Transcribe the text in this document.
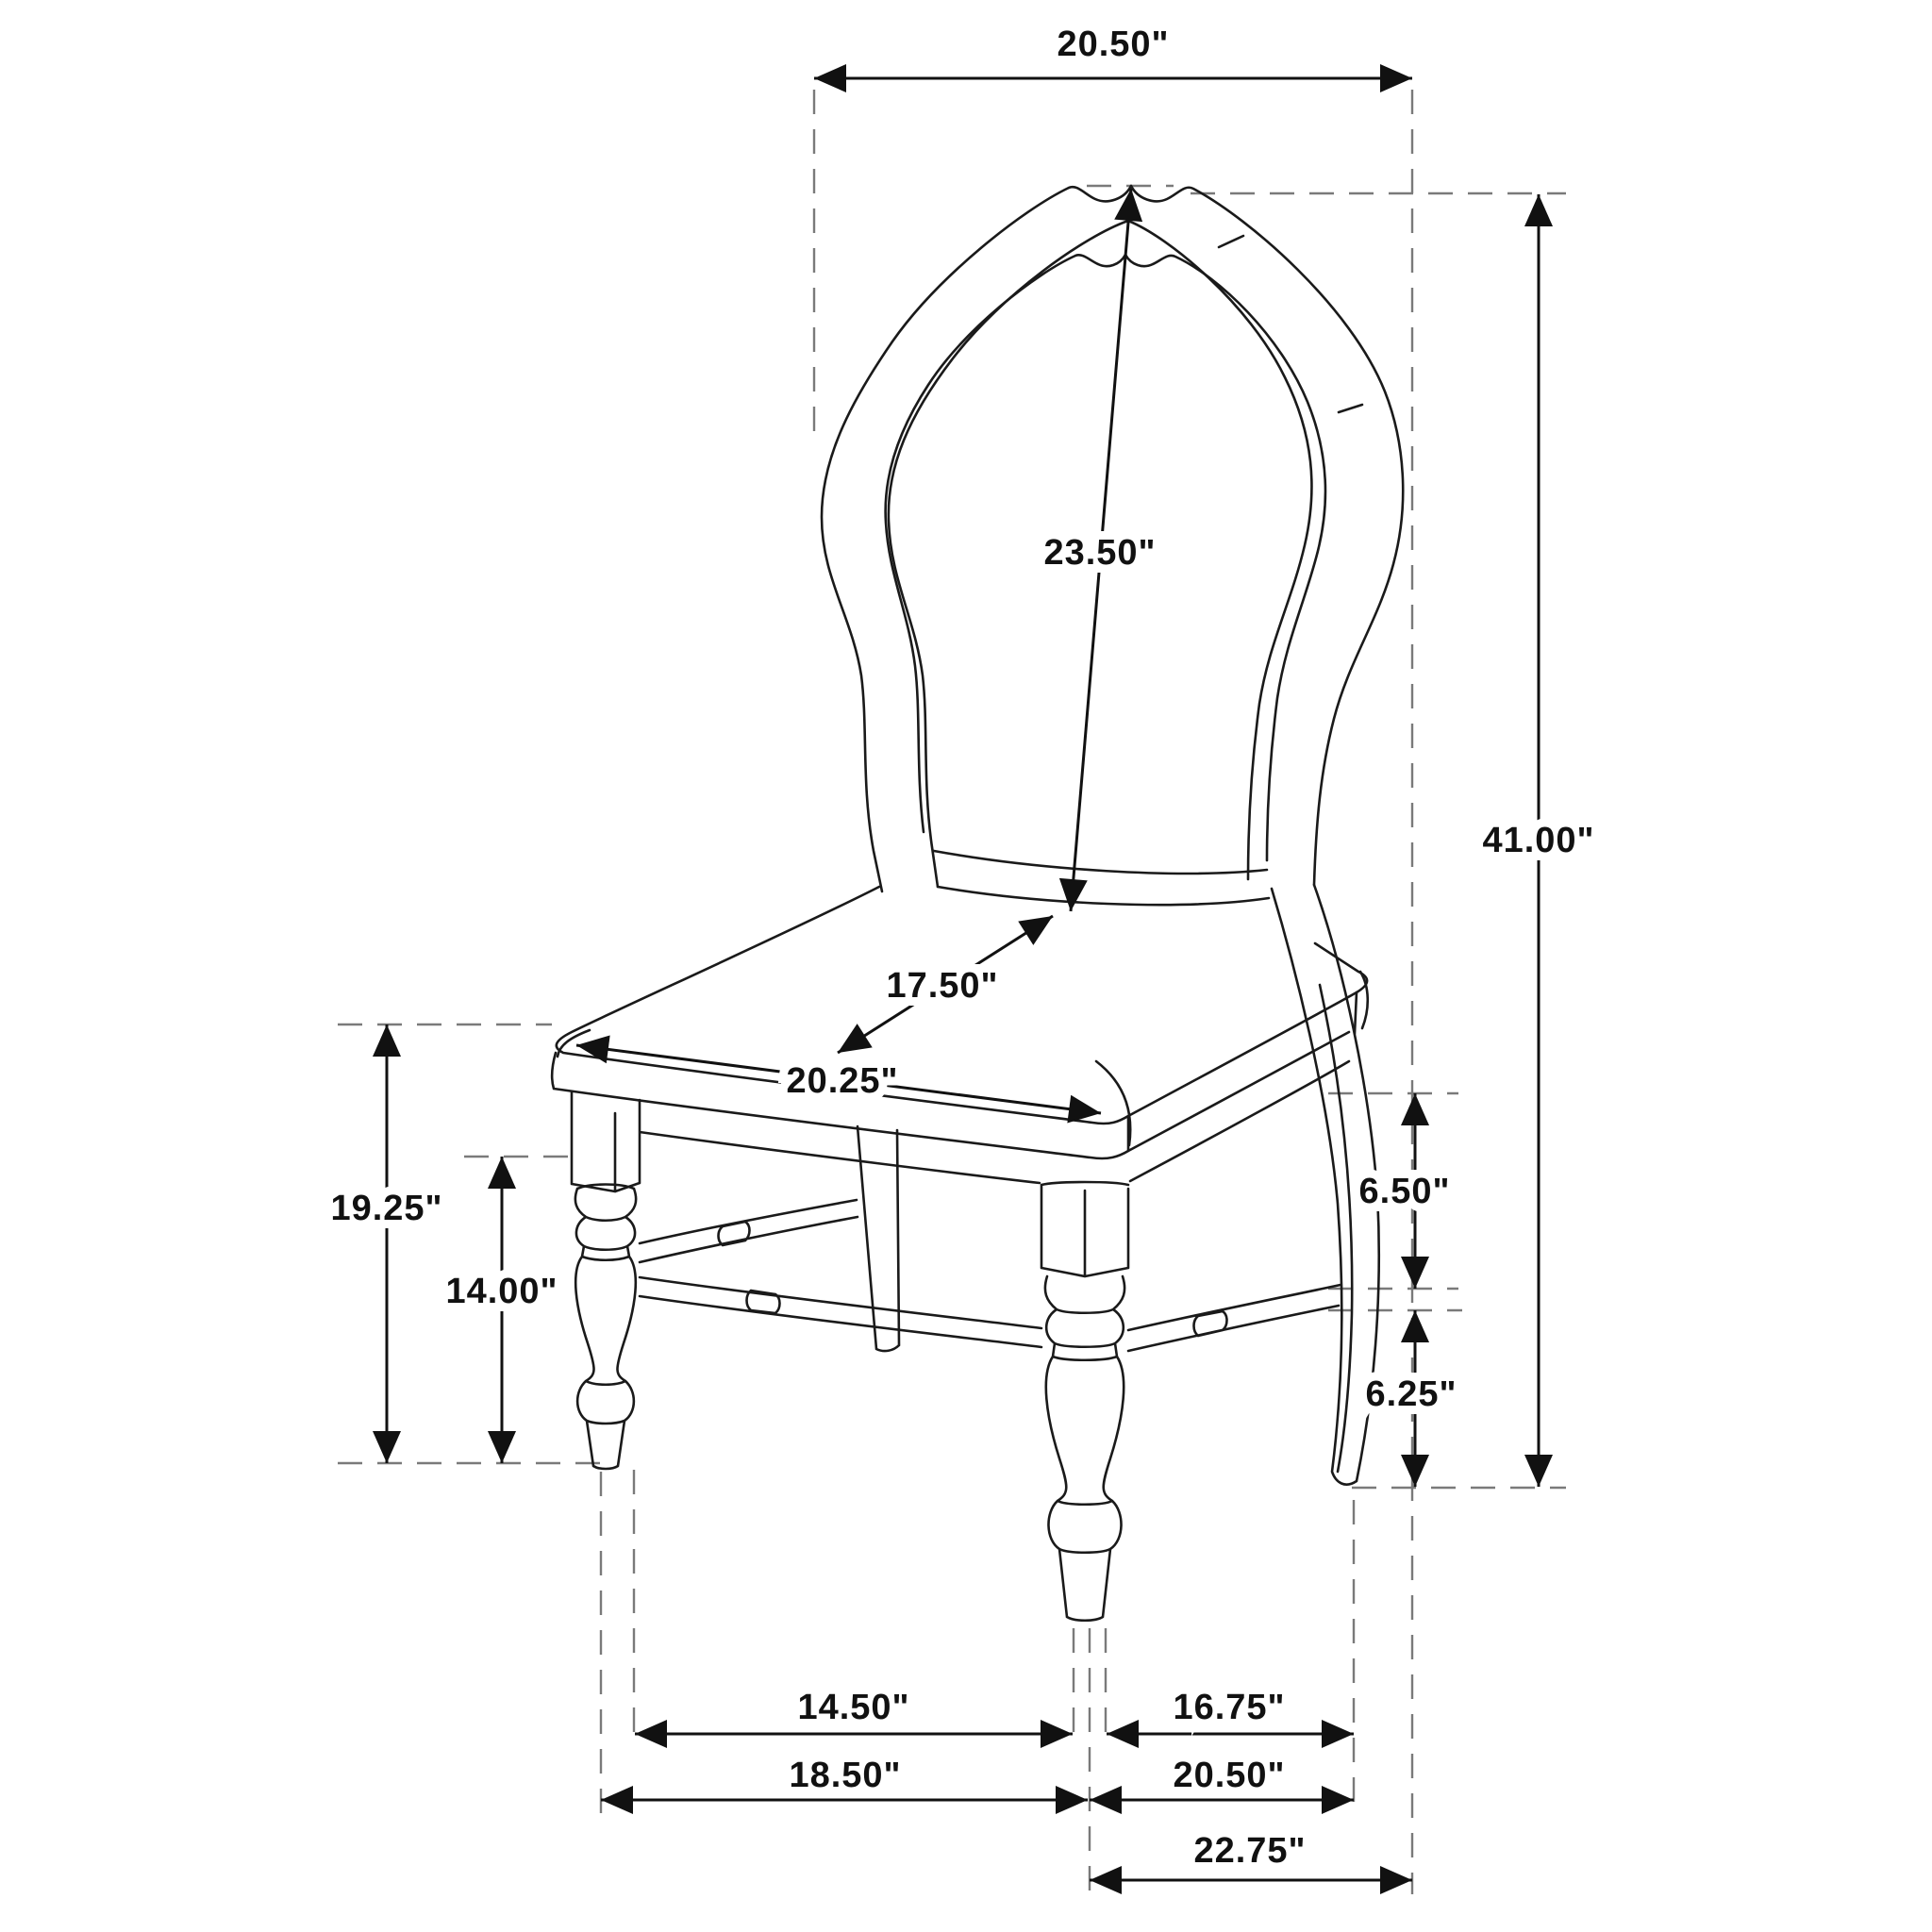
20.50"
23.50"
41.00"
17.50"
20.25"
19.25"
14.00"
6.50"
6.25"
14.50"	16.75"
18.50"	20.50"
22.75"
